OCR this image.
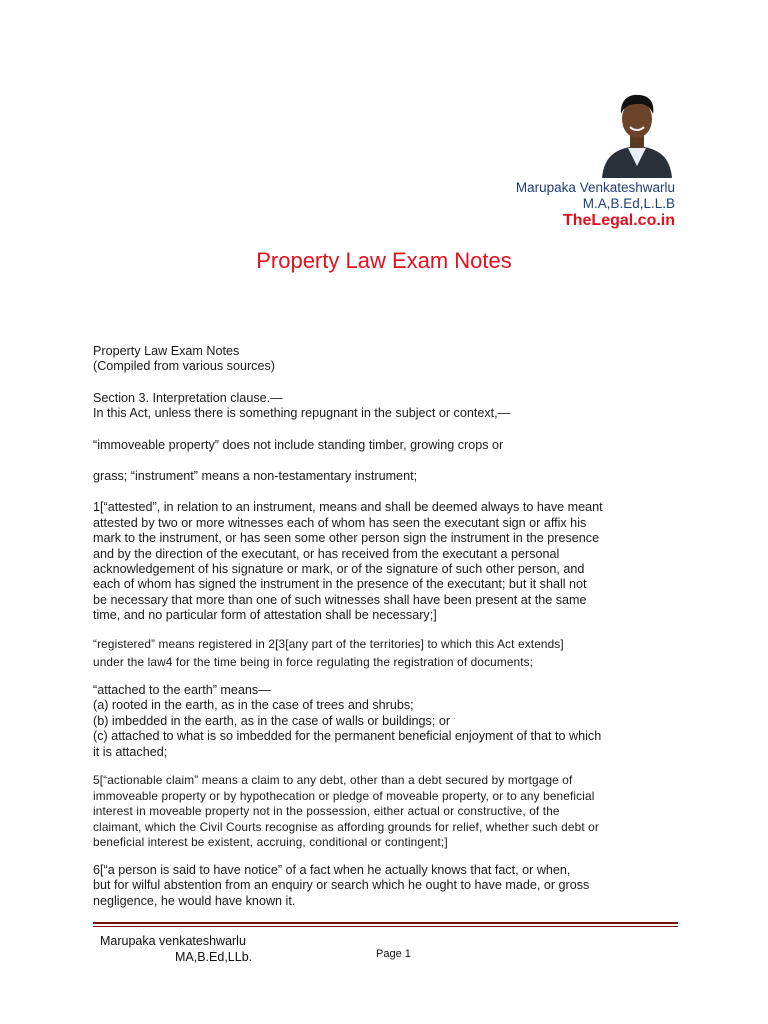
Marupaka Venkateshwarlu
M.A,B.Ed,L.L.B
TheLegal.co.in
Property Law Exam Notes

Property Law Exam Notes

(Compiled from various sources)

Section 3. Interpretation clause.—

In this Act, unless there is something repugnant in the subject or context,—

“immoveable property” does not include standing timber, growing crops or

grass; “instrument” means a non-testamentary instrument;

1[“attested”, in relation to an instrument, means and shall be deemed always to have meant

attested by two or more witnesses each of whom has seen the executant sign or affix his

mark to the instrument, or has seen some other person sign the instrument in the presence

and by the direction of the executant, or has received from the executant a personal

acknowledgement of his signature or mark, or of the signature of such other person, and

each of whom has signed the instrument in the presence of the executant; but it shall not

be necessary that more than one of such witnesses shall have been present at the same

time, and no particular form of attestation shall be necessary;]

“registered” means registered in 2[3[any part of the territories] to which this Act extends]

under the law4 for the time being in force regulating the registration of documents;

“attached to the earth” means—

(a) rooted in the earth, as in the case of trees and shrubs;

(b) imbedded in the earth, as in the case of walls or buildings; or

(c) attached to what is so imbedded for the permanent beneficial enjoyment of that to which

it is attached;

5[“actionable claim” means a claim to any debt, other than a debt secured by mortgage of

immoveable property or by hypothecation or pledge of moveable property, or to any beneficial

interest in moveable property not in the possession, either actual or constructive, of the

claimant, which the Civil Courts recognise as affording grounds for relief, whether such debt or

beneficial interest be existent, accruing, conditional or contingent;]

6[“a person is said to have notice” of a fact when he actually knows that fact, or when,

but for wilful abstention from an enquiry or search which he ought to have made, or gross

negligence, he would have known it.

Marupaka venkateshwarlu
MA,B.Ed,LLb.	Page 1
